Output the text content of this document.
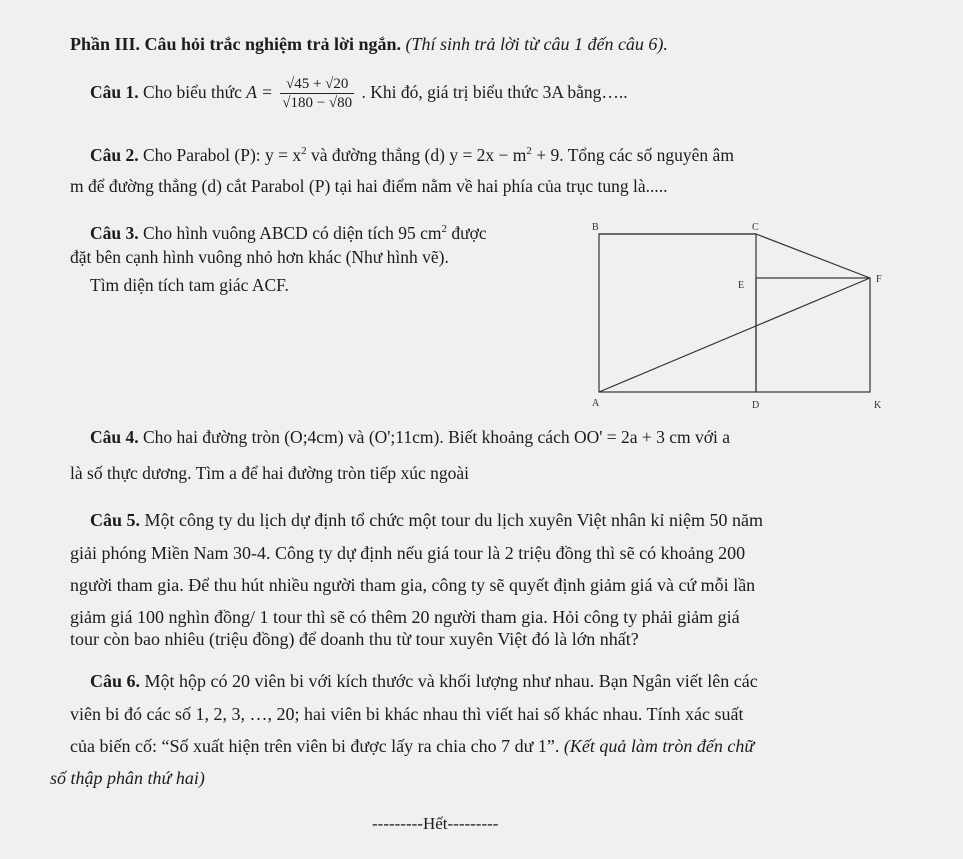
Phần III. Câu hỏi trắc nghiệm trả lời ngắn. (Thí sinh trả lời từ câu 1 đến câu 6).
Câu 1. Cho biểu thức $A = \frac{√45 + √20}{√180 - √80}$ . Khi đó, giá trị biểu thức 3A bằng…..
Câu 2. Cho Parabol (P): $y = x^2$ và đường thẳng (d) $y = 2x - m^2 + 9$. Tổng các số nguyên âm
m để đường thẳng (d) cắt Parabol (P) tại hai điểm nằm về hai phía của trục tung là.....
Câu 3. Cho hình vuông ABCD có diện tích 95 $cm^2$ được
đặt bên cạnh hình vuông nhỏ hơn khác (Như hình vẽ).
Tìm diện tích tam giác ACF.
B	C
E
F
A	D	K
Câu 4. Cho hai đường tròn (O;4cm) và (O';11cm). Biết khoảng cách OO' = 2a + 3 cm với a
là số thực dương. Tìm a để hai đường tròn tiếp xúc ngoài
Câu 5. Một công ty du lịch dự định tổ chức một tour du lịch xuyên Việt nhân kỉ niệm 50 năm
giải phóng Miền Nam 30-4. Công ty dự định nếu giá tour là 2 triệu đồng thì sẽ có khoảng 200
người tham gia. Để thu hút nhiều người tham gia, công ty sẽ quyết định giảm giá và cứ mỗi lần
giảm giá 100 nghìn đồng/ 1 tour thì sẽ có thêm 20 người tham gia. Hỏi công ty phải giảm giá
tour còn bao nhiêu (triệu đồng) để doanh thu từ tour xuyên Việt đó là lớn nhất?
Câu 6. Một hộp có 20 viên bi với kích thước và khối lượng như nhau. Bạn Ngân viết lên các
viên bi đó các số 1, 2, 3, …, 20; hai viên bi khác nhau thì viết hai số khác nhau. Tính xác suất
của biến cố: “Số xuất hiện trên viên bi được lấy ra chia cho 7 dư 1”. (Kết quả làm tròn đến chữ
số thập phân thứ hai)
---------Hết---------
